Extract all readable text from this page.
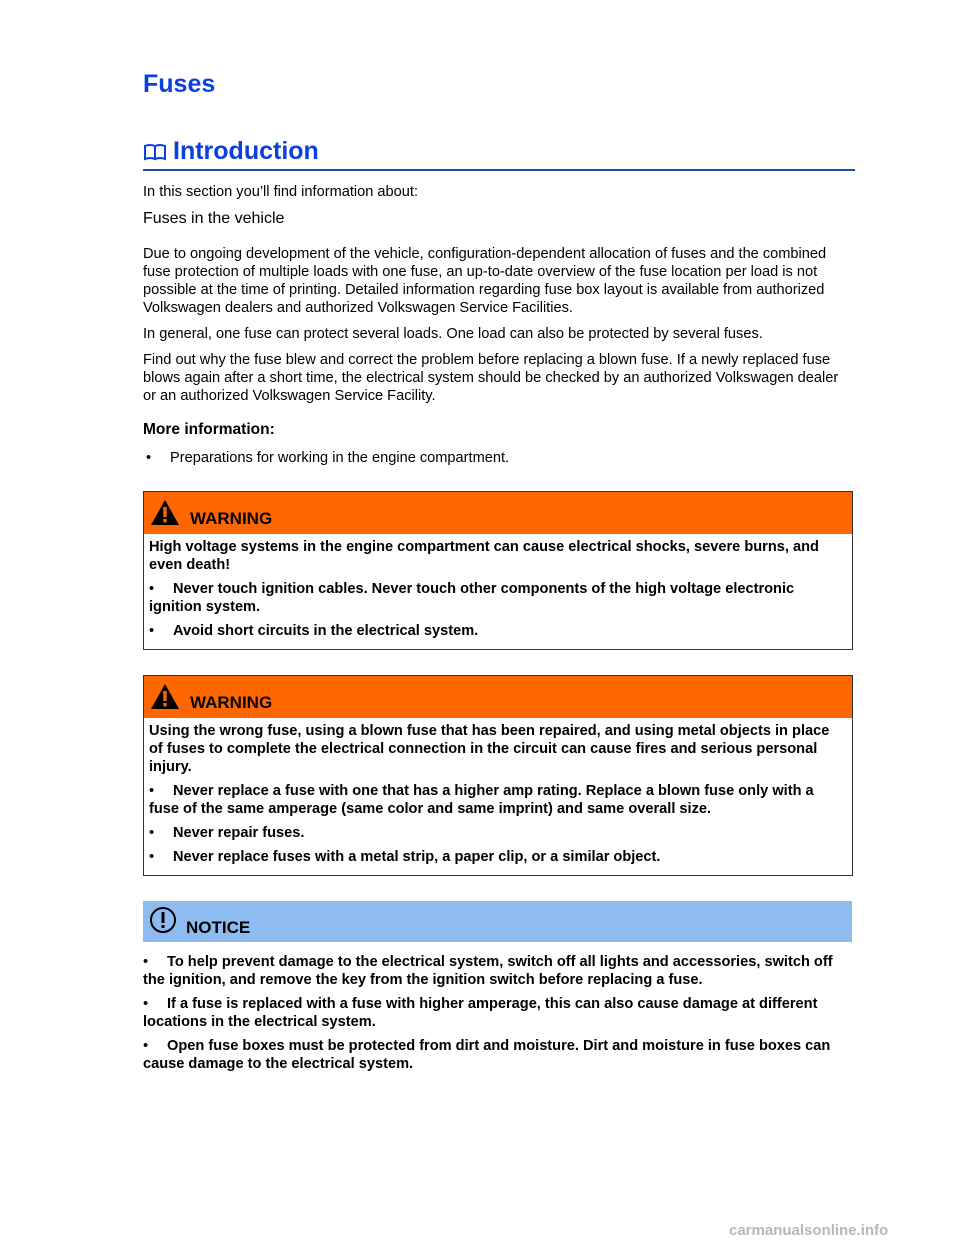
Fuses
Introduction

In this section you’ll find information about:

Fuses in the vehicle

Due to ongoing development of the vehicle, configuration-dependent allocation of fuses and the combined fuse protection of multiple loads with one fuse, an up-to-date overview of the fuse location per load is not possible at the time of printing. Detailed information regarding fuse box layout is available from authorized Volkswagen dealers and authorized Volkswagen Service Facilities.

In general, one fuse can protect several loads. One load can also be protected by several fuses.

Find out why the fuse blew and correct the problem before replacing a blown fuse. If a newly replaced fuse blows again after a short time, the electrical system should be checked by an authorized Volkswagen dealer or an authorized Volkswagen Service Facility.

More information:

• Preparations for working in the engine compartment.
WARNING

High voltage systems in the engine compartment can cause electrical shocks, severe burns, and even death!

• Never touch ignition cables. Never touch other components of the high voltage electronic ignition system.
• Avoid short circuits in the electrical system.
WARNING

Using the wrong fuse, using a blown fuse that has been repaired, and using metal objects in place of fuses to complete the electrical connection in the circuit can cause fires and serious personal injury.

• Never replace a fuse with one that has a higher amp rating. Replace a blown fuse only with a fuse of the same amperage (same color and same imprint) and same overall size.
• Never repair fuses.
• Never replace fuses with a metal strip, a paper clip, or a similar object.
NOTICE
• To help prevent damage to the electrical system, switch off all lights and accessories, switch off the ignition, and remove the key from the ignition switch before replacing a fuse.
• If a fuse is replaced with a fuse with higher amperage, this can also cause damage at different locations in the electrical system.
• Open fuse boxes must be protected from dirt and moisture. Dirt and moisture in fuse boxes can cause damage to the electrical system.
carmanualsonline.info
